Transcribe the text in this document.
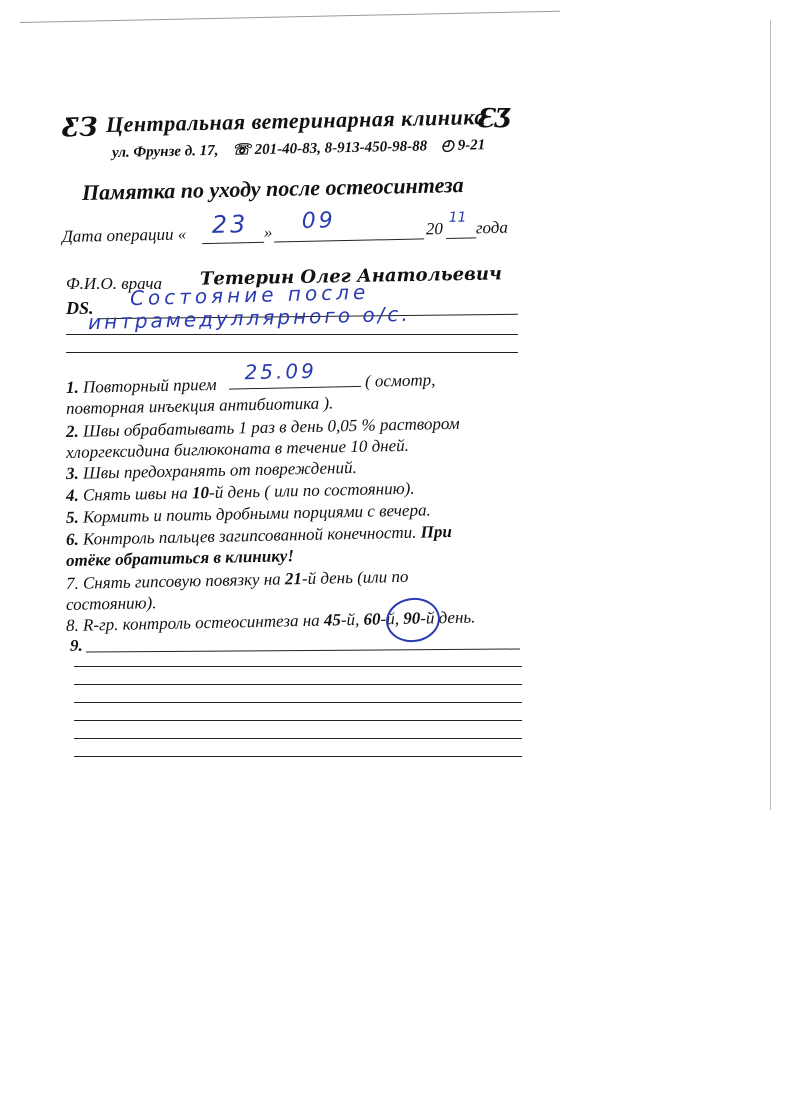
ƸЗ Центральная ветеринарная клиника
ƐƷ
ул. Фрунзе д. 17, ☏ 201-40-83, 8-913-450-98-88 ◴ 9-21
Памятка по уходу после остеосинтеза
Дата операции « 23 » 09	20
11 года
Ф.И.О. врача Тетерин Олег Анатольевич
DS. Состояние после
интрамедуллярного о/с.
1. Повторный прием
25.09	( осмотр,
повторная инъекция антибиотика ).
2. Швы обрабатывать 1 раз в день 0,05 % раствором
хлоргексидина биглюконата в течение 10 дней.
3. Швы предохранять от повреждений.
4. Снять швы на 10-й день ( или по состоянию).
5. Кормить и поить дробными порциями с вечера.
6. Контроль пальцев загипсованной конечности. При
отёке обратиться в клинику!
7. Снять гипсовую повязку на 21-й день (или по
состоянию).
8. R-гр. контроль остеосинтеза на 45-й, 60-й, 90-й день.
9.
